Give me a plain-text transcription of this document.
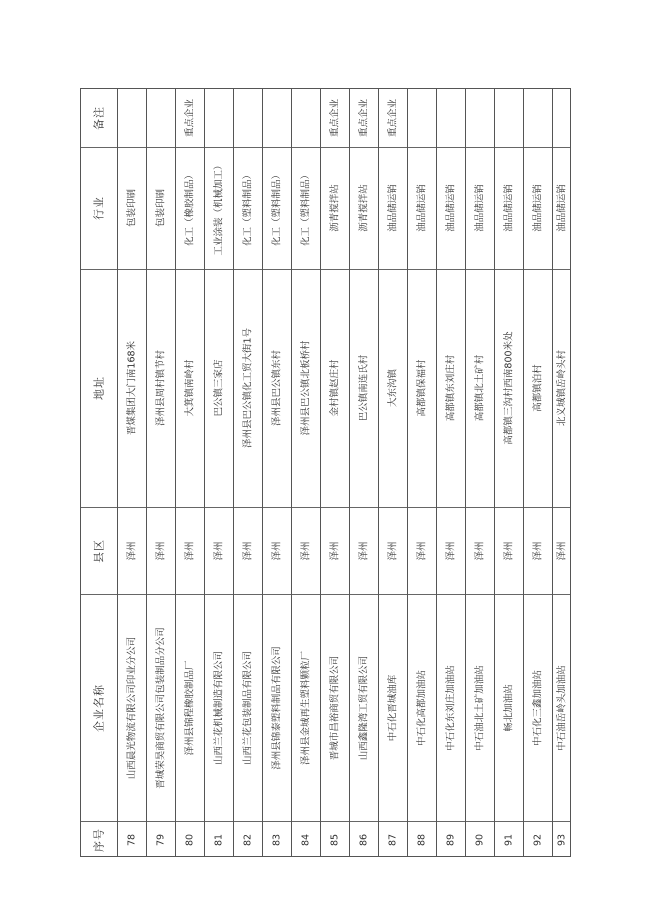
序号
企业名称
县区
地址
行业
备注
78
山西晨光物流有限公司印业分公司
泽州
晋煤集团大门南168米
包装印刷
79
晋城荣昊商贸有限公司包装制品分公司
泽州
泽州县周村镇节村
包装印刷
80
泽州县锦程橡胶制品厂
泽州
大箕镇南岭村
化工（橡胶制品）
重点企业
81
山西兰花机械制造有限公司
泽州
巴公镇三家店
工业涂装（机械加工）
82
山西兰花包装制品有限公司
泽州
泽州县巴公镇化工贸大街1号
化工（塑料制品）
83
泽州县锦泰塑料制品有限公司
泽州
泽州县巴公镇东村
化工（塑料制品）
84
泽州县金城再生塑料颗粒厂
泽州
泽州县巴公镇北板桥村
化工（塑料制品）
85
晋城市昌裕商贸有限公司
泽州
金村镇赵庄村
沥青搅拌站
重点企业
86
山西鑫隆湾工贸有限公司
泽州
巴公镇南连氏村
沥青搅拌站
重点企业
87
中石化晋城油库
泽州
大东沟镇
油品储运销
重点企业
88
中石化高都加油站
泽州
高都镇保福村
油品储运销
89
中石化东刘庄加油站
泽州
高都镇东刘庄村
油品储运销
90
中石油北土矿加油站
泽州
高都镇北土矿村
油品储运销
91
畅北加油站
泽州
高都镇三沟村西南800米处
油品储运销
92
中石化三鑫加油站
泽州
高都镇泊村
油品储运销
93
中石油岳岭头加油站
泽州
北义城镇岳岭头村
油品储运销
